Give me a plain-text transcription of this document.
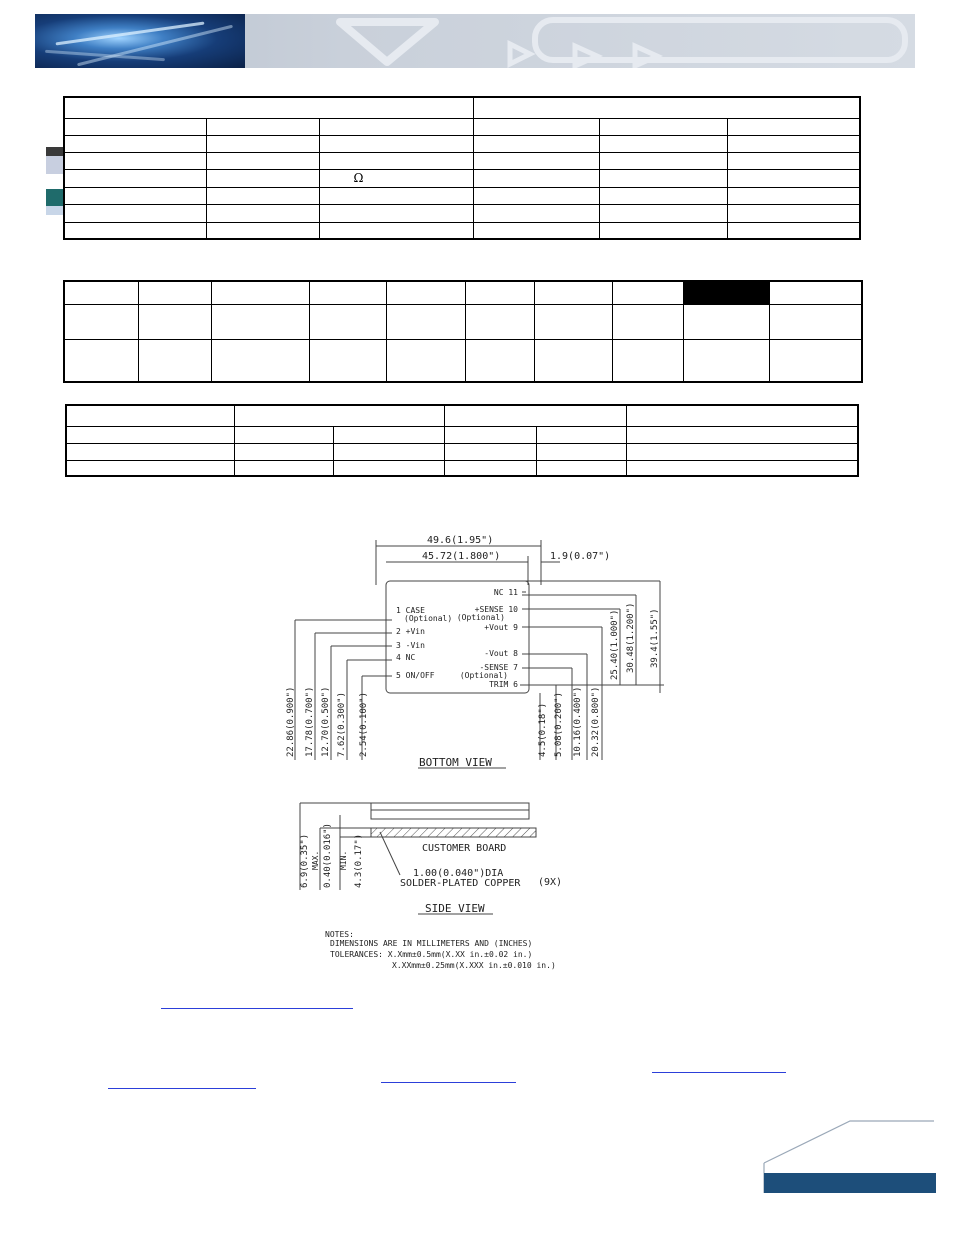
		Ω			

49.6(1.95")
45.72(1.800")	1.9(0.07")
1 CASE
(Optional)
2 +Vin
3 -Vin
4 NC
5 ON/OFF
NC 11
+SENSE 10
(Optional)
+Vout 9
-Vout 8
-SENSE 7
(Optional)
TRIM 6
22.86(0.900") 17.78(0.700") 12.70(0.500") 7.62(0.300") 2.54(0.100")	4.5(0.18") 5.08(0.200") 10.16(0.400") 20.32(0.800")
25.40(1.000") 30.48(1.200") 39.4(1.55")
BOTTOM VIEW
6.9(0.35") MAX. 0.40(0.016") MIN. 4.3(0.17")	CUSTOMER BOARD
1.00(0.040")DIA
SOLDER-PLATED COPPER (9X)
SIDE VIEW
NOTES:
DIMENSIONS ARE IN MILLIMETERS AND (INCHES)
TOLERANCES: X.Xmm±0.5mm(X.XX in.±0.02 in.)
X.XXmm±0.25mm(X.XXX in.±0.010 in.)
